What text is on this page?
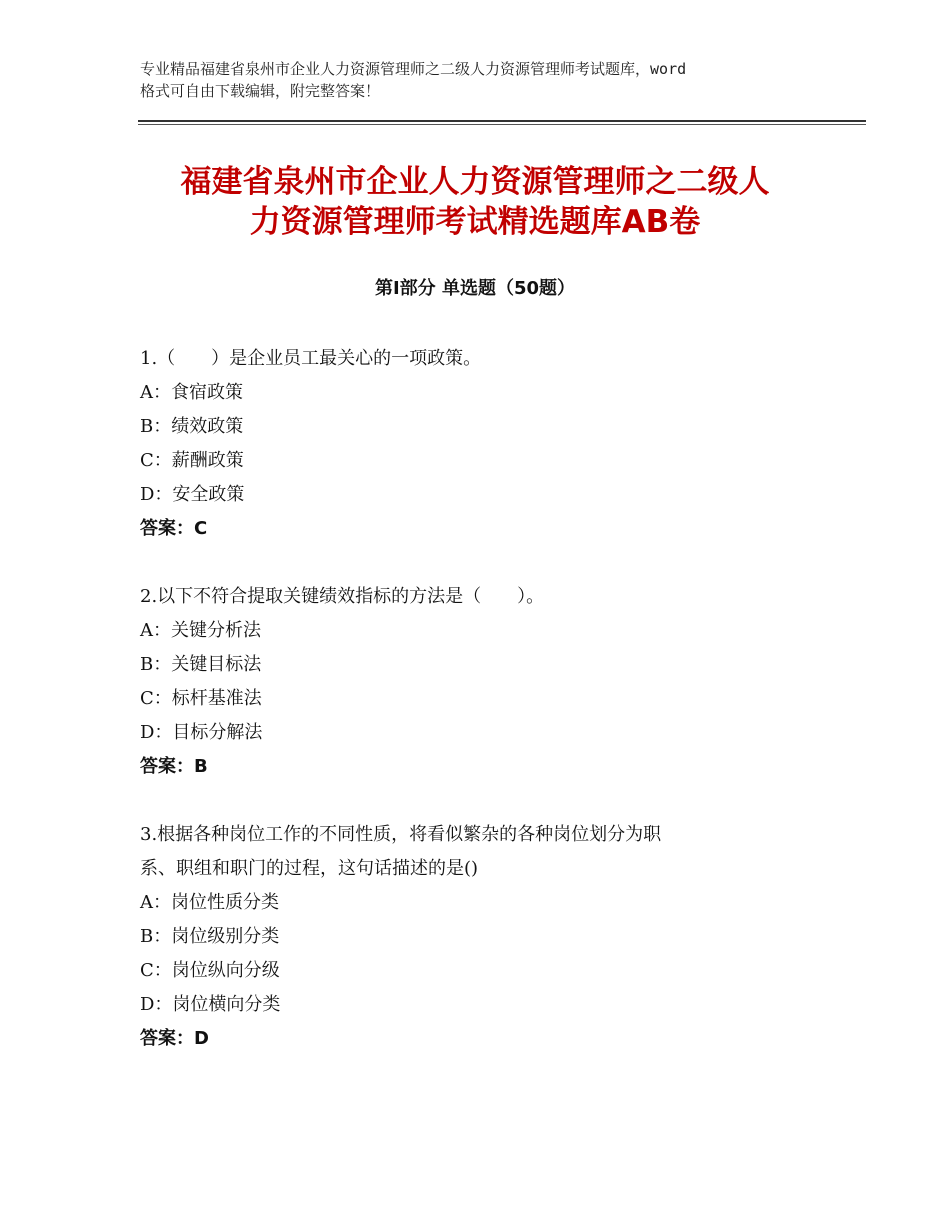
专业精品福建省泉州市企业人力资源管理师之二级人力资源管理师考试题库，word
格式可自由下载编辑，附完整答案！
福建省泉州市企业人力资源管理师之二级人
力资源管理师考试精选题库AB卷
第Ⅰ部分 单选题（50题）

1.（　　）是企业员工最关心的一项政策。

A：食宿政策

B：绩效政策

C：薪酬政策

D：安全政策

答案：C

2.以下不符合提取关键绩效指标的方法是（　　）。

A：关键分析法

B：关键目标法

C：标杆基准法

D：目标分解法

答案：B

3.根据各种岗位工作的不同性质，将看似繁杂的各种岗位划分为职

系、职组和职门的过程，这句话描述的是()

A：岗位性质分类

B：岗位级别分类

C：岗位纵向分级

D：岗位横向分类

答案：D
